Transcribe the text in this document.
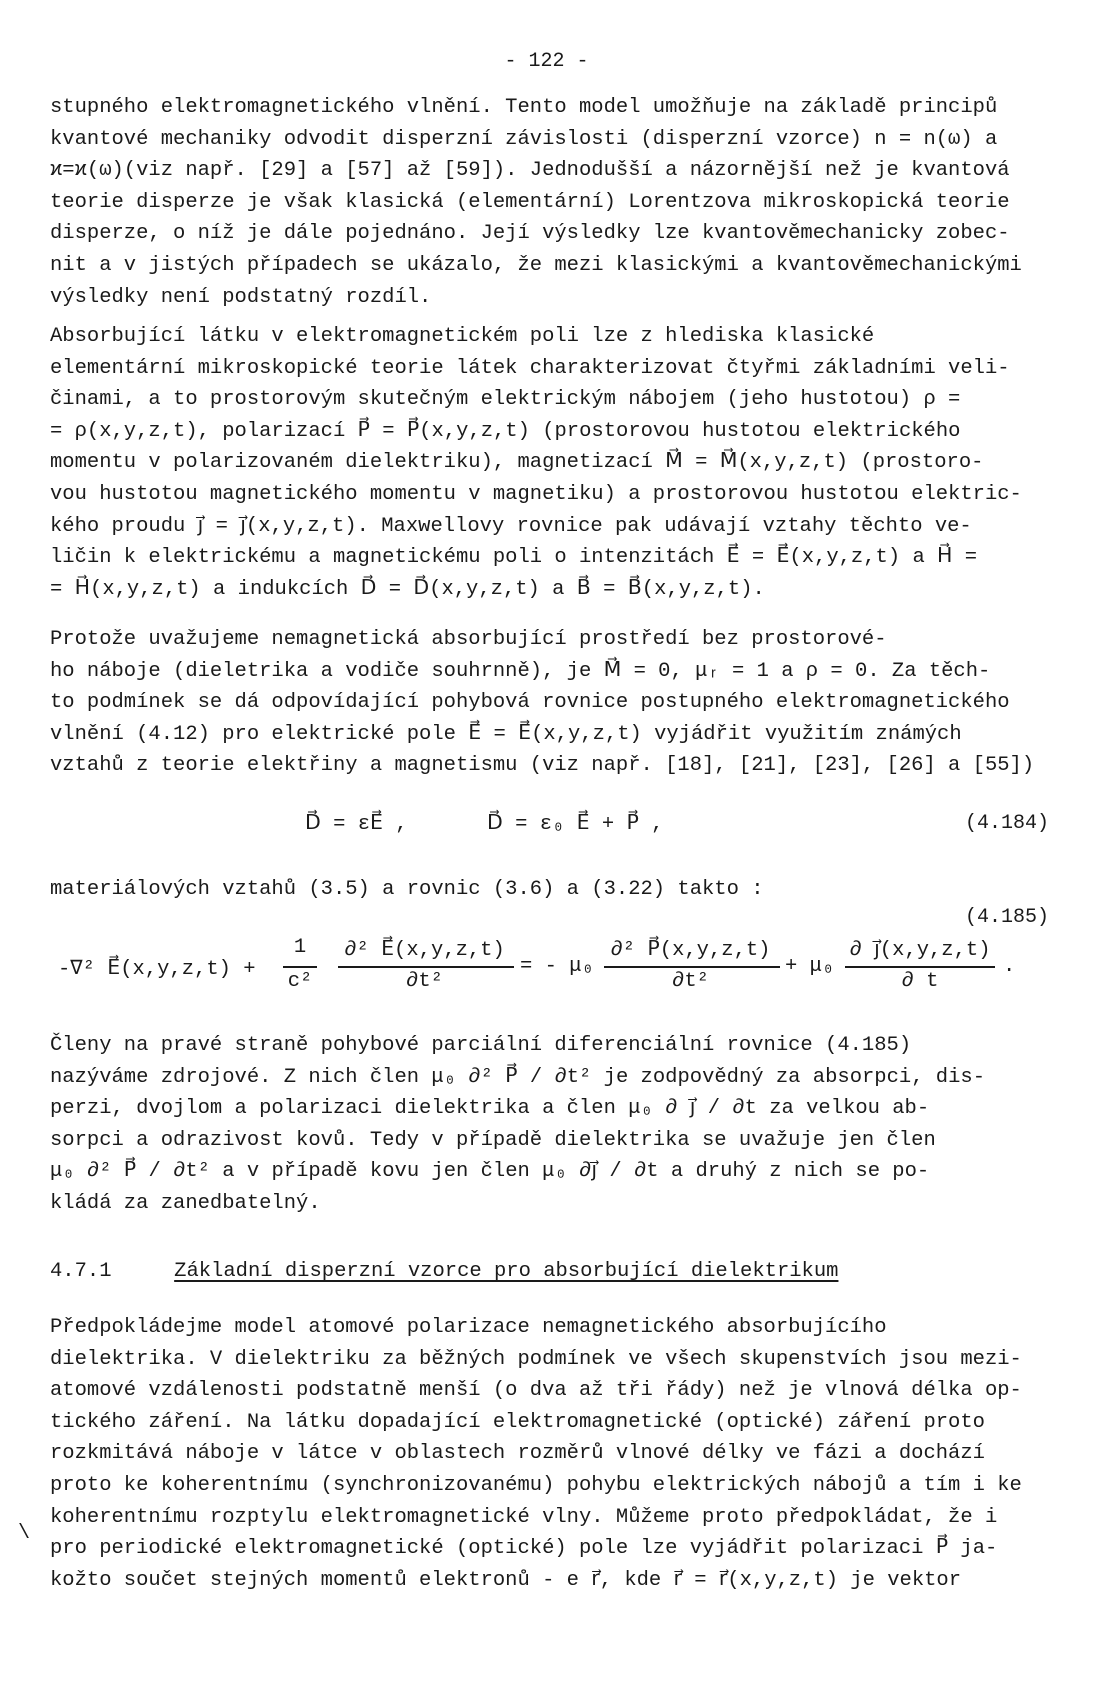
- 122 -

stupného elektromagnetického vlnění. Tento model umožňuje na základě principů

kvantové mechaniky odvodit disperzní závislosti (disperzní vzorce) n = n(ω) a

ϰ=ϰ(ω)(viz např. [29] a [57] až [59]). Jednodušší a názornější než je kvantová

teorie disperze je však klasická (elementární) Lorentzova mikroskopická teorie

disperze, o níž je dále pojednáno. Její výsledky lze kvantověmechanicky zobec-

nit a v jistých případech se ukázalo, že mezi klasickými a kvantověmechanickými

výsledky není podstatný rozdíl.

Absorbující látku v elektromagnetickém poli lze z hlediska klasické

elementární mikroskopické teorie látek charakterizovat čtyřmi základními veli-

činami, a to prostorovým skutečným elektrickým nábojem (jeho hustotou) ρ =

= ρ(x,y,z,t), polarizací P⃗ = P⃗(x,y,z,t) (prostorovou hustotou elektrického

momentu v polarizovaném dielektriku), magnetizací M⃗ = M⃗(x,y,z,t) (prostoro-

vou hustotou magnetického momentu v magnetiku) a prostorovou hustotou elektric-

kého proudu j⃗ = j⃗(x,y,z,t). Maxwellovy rovnice pak udávají vztahy těchto ve-

ličin k elektrickému a magnetickému poli o intenzitách E⃗ = E⃗(x,y,z,t) a H⃗ =

= H⃗(x,y,z,t) a indukcích D⃗ = D⃗(x,y,z,t) a B⃗ = B⃗(x,y,z,t).

Protože uvažujeme nemagnetická absorbující prostředí bez prostorové-

ho náboje (dieletrika a vodiče souhrnně), je M⃗ = 0, μᵣ = 1 a ρ = 0. Za těch-

to podmínek se dá odpovídající pohybová rovnice postupného elektromagnetického

vlnění (4.12) pro elektrické pole E⃗ = E⃗(x,y,z,t) vyjádřit využitím známých

vztahů z teorie elektřiny a magnetismu (viz např. [18], [21], [23], [26] a [55])

D⃗ = εE⃗ ,	D⃗ = ε₀ E⃗ + P⃗ ,	(4.184)

materiálových vztahů (3.5) a rovnic (3.6) a (3.22) takto :

(4.185)
-∇² E⃗(x,y,z,t) +
1
c²
∂² E⃗(x,y,z,t)
∂t²
= - μ₀
∂² P⃗(x,y,z,t)
∂t²
+ μ₀
∂ j⃗(x,y,z,t)
∂ t
.

Členy na pravé straně pohybové parciální diferenciální rovnice (4.185)

nazýváme zdrojové. Z nich člen μ₀ ∂² P⃗ / ∂t² je zodpovědný za absorpci, dis-

perzi, dvojlom a polarizaci dielektrika a člen μ₀ ∂ j⃗ / ∂t za velkou ab-

sorpci a odrazivost kovů. Tedy v případě dielektrika se uvažuje jen člen

μ₀ ∂² P⃗ / ∂t² a v případě kovu jen člen μ₀ ∂j⃗ / ∂t a druhý z nich se po-

kládá za zanedbatelný.

4.7.1	Základní disperzní vzorce pro absorbující dielektrikum

Předpokládejme model atomové polarizace nemagnetického absorbujícího

dielektrika. V dielektriku za běžných podmínek ve všech skupenstvích jsou mezi-

atomové vzdálenosti podstatně menší (o dva až tři řády) než je vlnová délka op-

tického záření. Na látku dopadající elektromagnetické (optické) záření proto

rozkmitává náboje v látce v oblastech rozměrů vlnové délky ve fázi a dochází

proto ke koherentnímu (synchronizovanému) pohybu elektrických nábojů a tím i ke

koherentnímu rozptylu elektromagnetické vlny. Můžeme proto předpokládat, že i

pro periodické elektromagnetické (optické) pole lze vyjádřit polarizaci P⃗ ja-

kožto součet stejných momentů elektronů - e r⃗, kde r⃗ = r⃗(x,y,z,t) je vektor

\
